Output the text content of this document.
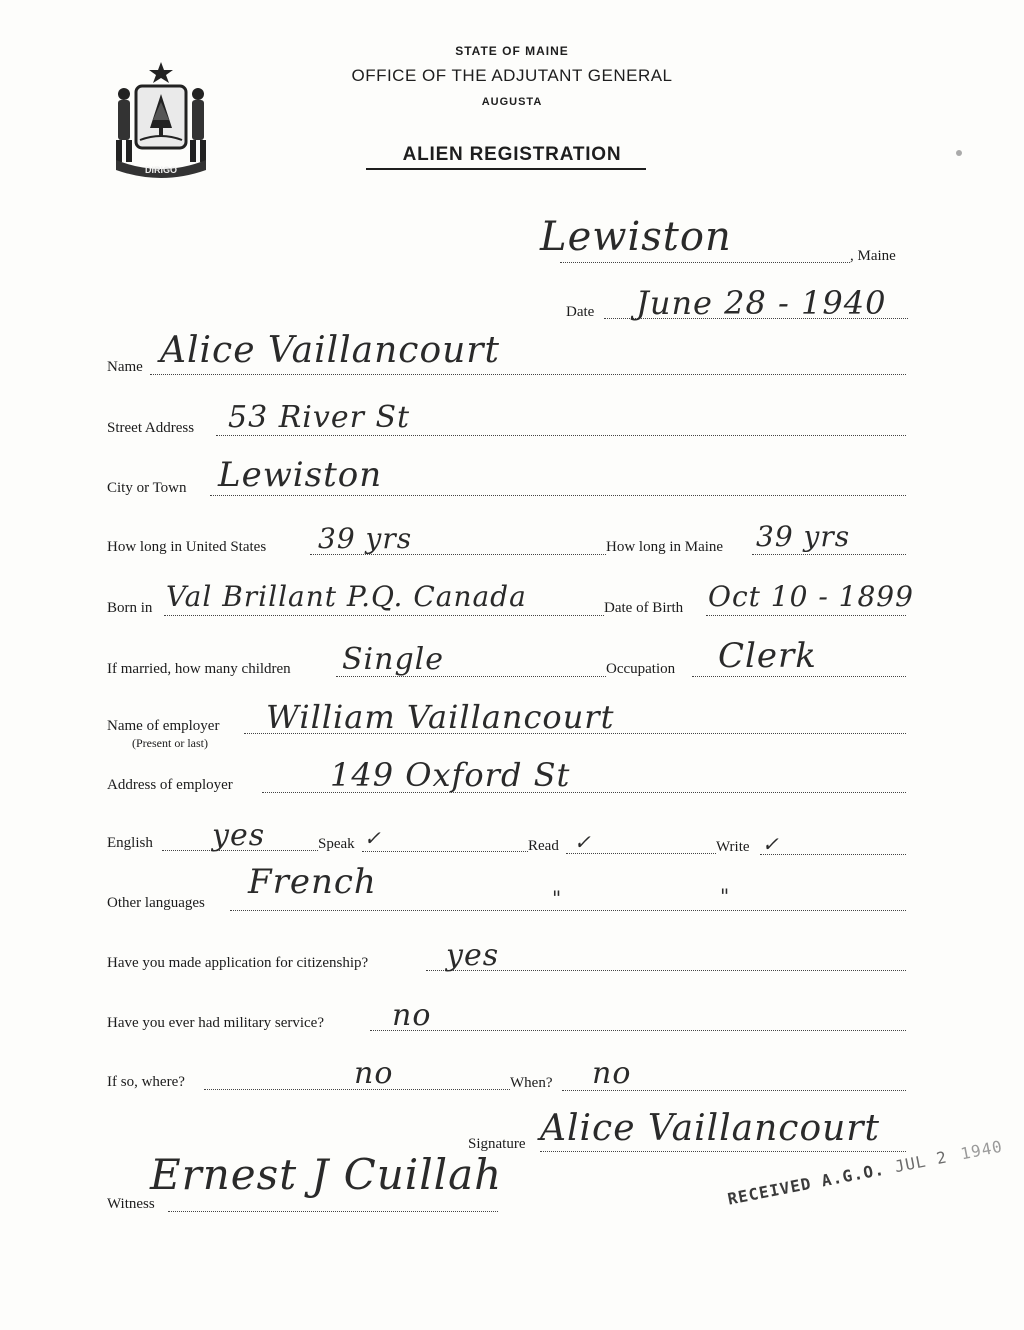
DIRIGO
STATE OF MAINE
OFFICE OF THE ADJUTANT GENERAL
AUGUSTA
ALIEN REGISTRATION
Lewiston	, Maine
Date June 28 - 1940
Name Alice Vaillancourt
Street Address 53 River St
City or Town Lewiston
How long in United States 39 yrs	How long in Maine 39 yrs
Born in Val Brillant P.Q. Canada	Date of Birth Oct 10 - 1899
If married, how many children Single	Occupation Clerk
Name of employer
(Present or last)
William Vaillancourt
Address of employer	149 Oxford St
English yes	Speak ✓	Read ✓	Write ✓
Other languages
French	"	"
Have you made application for citizenship?	yes
Have you ever had military service? no
If so, where?	no	When? no
Signature Alice Vaillancourt
Witness
Ernest J Cuillah	RECEIVED A.G.O. JUL 2 1940
